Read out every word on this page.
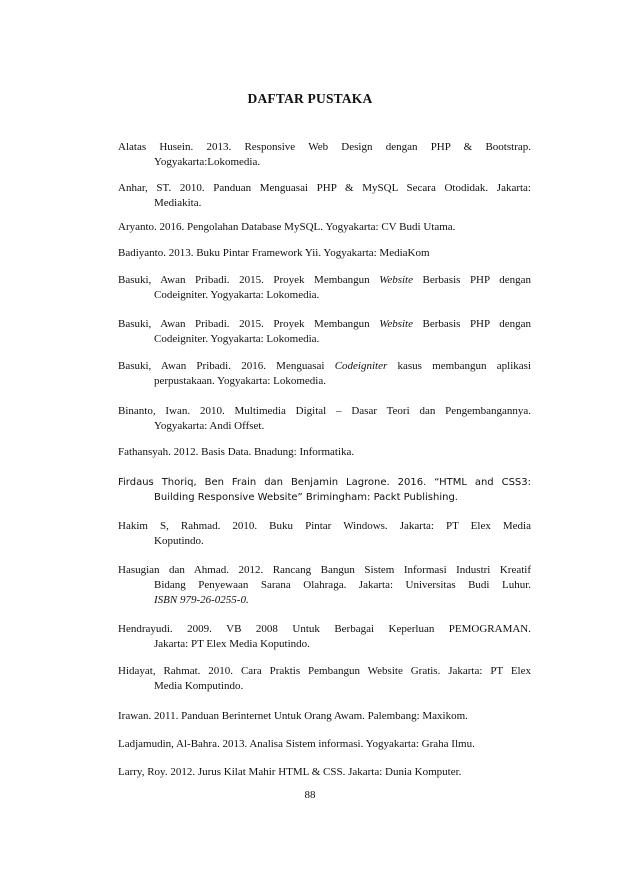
DAFTAR PUSTAKA
Alatas Husein. 2013. Responsive Web Design dengan PHP & Bootstrap.
Yogyakarta:Lokomedia.
Anhar, ST. 2010. Panduan Menguasai PHP & MySQL Secara Otodidak. Jakarta:
Mediakita.
Aryanto. 2016. Pengolahan Database MySQL. Yogyakarta: CV Budi Utama.
Badiyanto. 2013. Buku Pintar Framework Yii. Yogyakarta: MediaKom
Basuki, Awan Pribadi. 2015. Proyek Membangun Website Berbasis PHP dengan
Codeigniter. Yogyakarta: Lokomedia.
Basuki, Awan Pribadi. 2015. Proyek Membangun Website Berbasis PHP dengan
Codeigniter. Yogyakarta: Lokomedia.
Basuki, Awan Pribadi. 2016. Menguasai Codeigniter kasus membangun aplikasi
perpustakaan. Yogyakarta: Lokomedia.
Binanto, Iwan. 2010. Multimedia Digital – Dasar Teori dan Pengembangannya.
Yogyakarta: Andi Offset.
Fathansyah. 2012. Basis Data. Bnadung: Informatika.
Firdaus Thoriq, Ben Frain dan Benjamin Lagrone. 2016. “HTML and CSS3:
Building Responsive Website” Brimingham: Packt Publishing.
Hakim S, Rahmad. 2010. Buku Pintar Windows. Jakarta: PT Elex Media
Koputindo.
Hasugian dan Ahmad. 2012. Rancang Bangun Sistem Informasi Industri Kreatif
Bidang Penyewaan Sarana Olahraga. Jakarta: Universitas Budi Luhur.
ISBN 979-26-0255-0.
Hendrayudi. 2009. VB 2008 Untuk Berbagai Keperluan PEMOGRAMAN.
Jakarta: PT Elex Media Koputindo.
Hidayat, Rahmat. 2010. Cara Praktis Pembangun Website Gratis. Jakarta: PT Elex
Media Komputindo.
Irawan. 2011. Panduan Berinternet Untuk Orang Awam. Palembang: Maxikom.
Ladjamudin, Al-Bahra. 2013. Analisa Sistem informasi. Yogyakarta: Graha Ilmu.
Larry, Roy. 2012. Jurus Kilat Mahir HTML & CSS. Jakarta: Dunia Komputer.
88
